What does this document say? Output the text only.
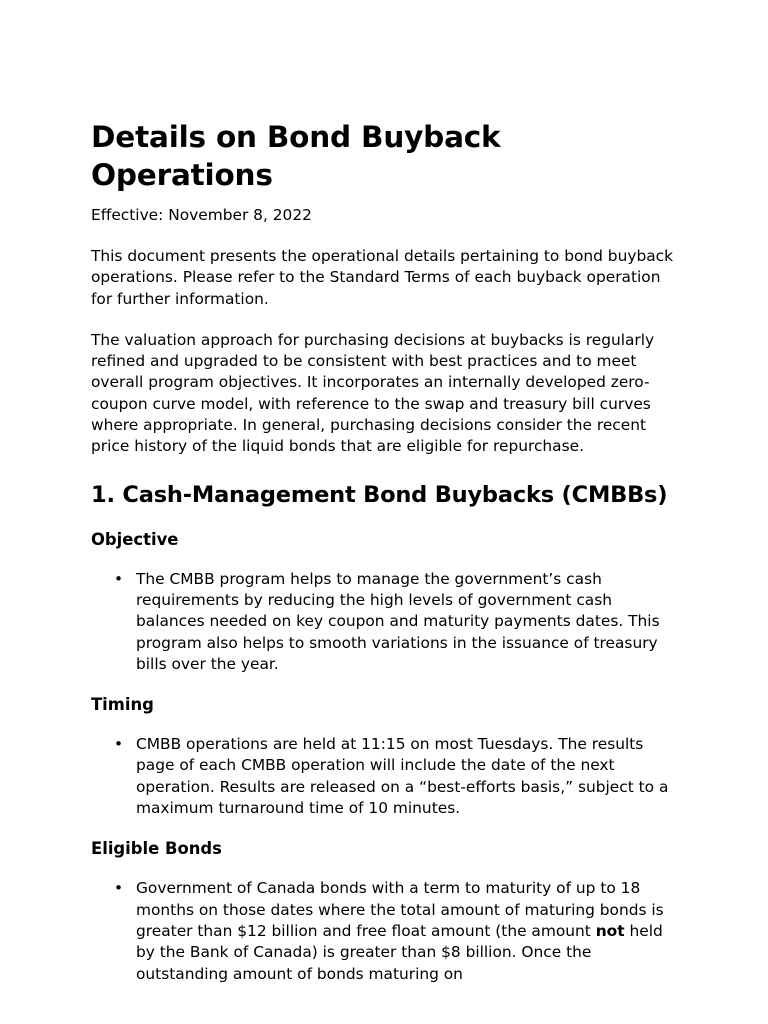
Details on Bond Buyback Operations
Effective: November 8, 2022

This document presents the operational details pertaining to bond buyback operations. Please refer to the Standard Terms of each buyback operation for further information.

The valuation approach for purchasing decisions at buybacks is regularly refined and upgraded to be consistent with best practices and to meet overall program objectives. It incorporates an internally developed zero-coupon curve model, with reference to the swap and treasury bill curves where appropriate. In general, purchasing decisions consider the recent price history of the liquid bonds that are eligible for repurchase.

1. Cash-Management Bond Buybacks (CMBBs)
Objective
• The CMBB program helps to manage the government’s cash requirements by reducing the high levels of government cash balances needed on key coupon and maturity payments dates. This program also helps to smooth variations in the issuance of treasury bills over the year.
Timing
• CMBB operations are held at 11:15 on most Tuesdays. The results page of each CMBB operation will include the date of the next operation. Results are released on a “best-efforts basis,” subject to a maximum turnaround time of 10 minutes.
Eligible Bonds
• Government of Canada bonds with a term to maturity of up to 18 months on those dates where the total amount of maturing bonds is greater than $12 billion and free float amount (the amount not held by the Bank of Canada) is greater than $8 billion. Once the outstanding amount of bonds maturing on
